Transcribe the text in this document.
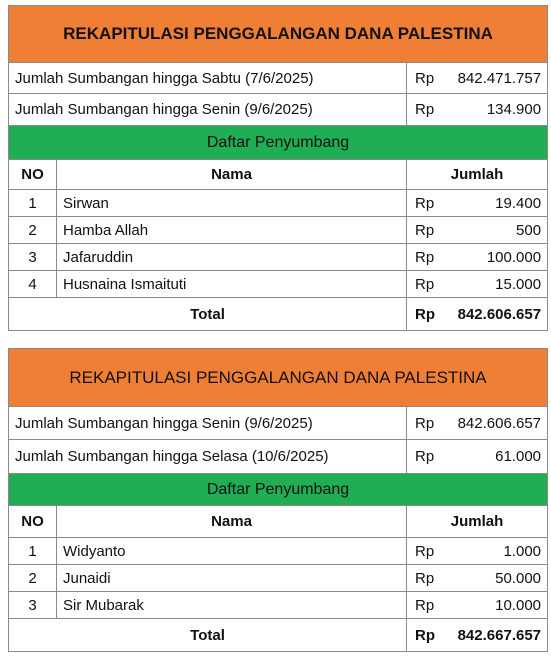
REKAPITULASI PENGGALANGAN DANA PALESTINA			
Jumlah Sumbangan hingga Sabtu (7/6/2025)		Rp	842.471.757
Jumlah Sumbangan hingga Senin (9/6/2025)		Rp	134.900
Daftar Penyumbang			
NO	Nama	Jumlah	
1	Sirwan	Rp	19.400
2	Hamba Allah	Rp	500
3	Jafaruddin	Rp	100.000
4	Husnaina Ismaituti	Rp	15.000
Total		Rp	842.606.657
REKAPITULASI PENGGALANGAN DANA PALESTINA			
Jumlah Sumbangan hingga Senin (9/6/2025)		Rp	842.606.657
Jumlah Sumbangan hingga Selasa (10/6/2025)		Rp	61.000
Daftar Penyumbang			
NO	Nama	Jumlah	
1	Widyanto	Rp	1.000
2	Junaidi	Rp	50.000
3	Sir Mubarak	Rp	10.000
Total		Rp	842.667.657
